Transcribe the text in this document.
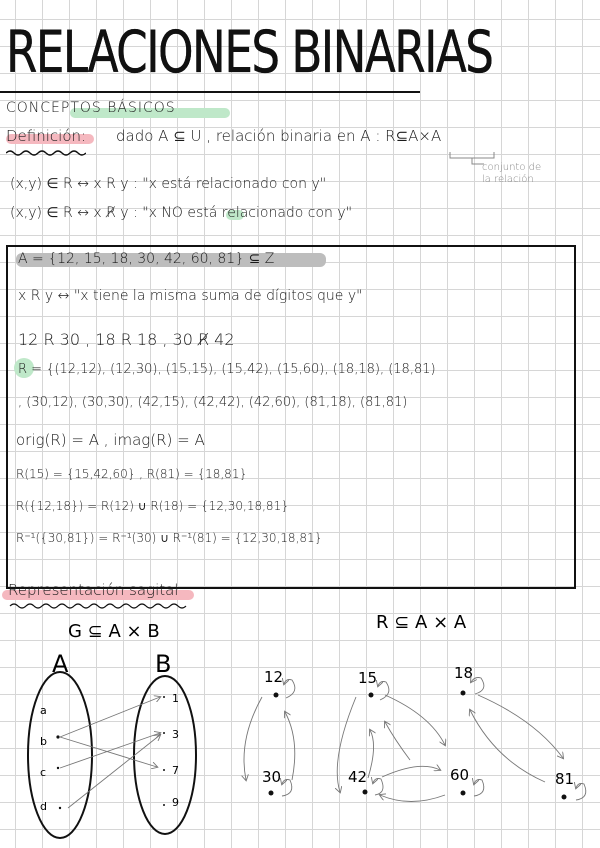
RELACIONES BINARIAS
CONCEPTOS BÁSICOS
Definición: dado A ⊆ U , relación binaria en A : R⊆A×A
conjunto de
la relación
(x,y) ∈ R ↔ x R y : "x está relacionado con y"
(x,y) ∈ R ↔ x R̸ y : "x NO está relacionado con y"
A = {12, 15, 18, 30, 42, 60, 81} ⊆ Z
x R y ↔ "x tiene la misma suma de dígitos que y"
12 R 30 , 18 R 18 , 30 R̸ 42
R = {(12,12), (12,30), (15,15), (15,42), (15,60), (18,18), (18,81)
, (30,12), (30,30), (42,15), (42,42), (42,60), (81,18), (81,81)
orig(R) = A , imag(R) = A
R(15) = {15,42,60} , R(81) = {18,81}
R({12,18}) = R(12) ∪ R(18) = {12,30,18,81}
R⁻¹({30,81}) = R⁻¹(30) ∪ R⁻¹(81) = {12,30,18,81}
Representación sagital
G ⊆ A × B
A	B
a
b
c
d
1
3
7
9
R ⊆ A × A
12	15	18
30	42	60	81
